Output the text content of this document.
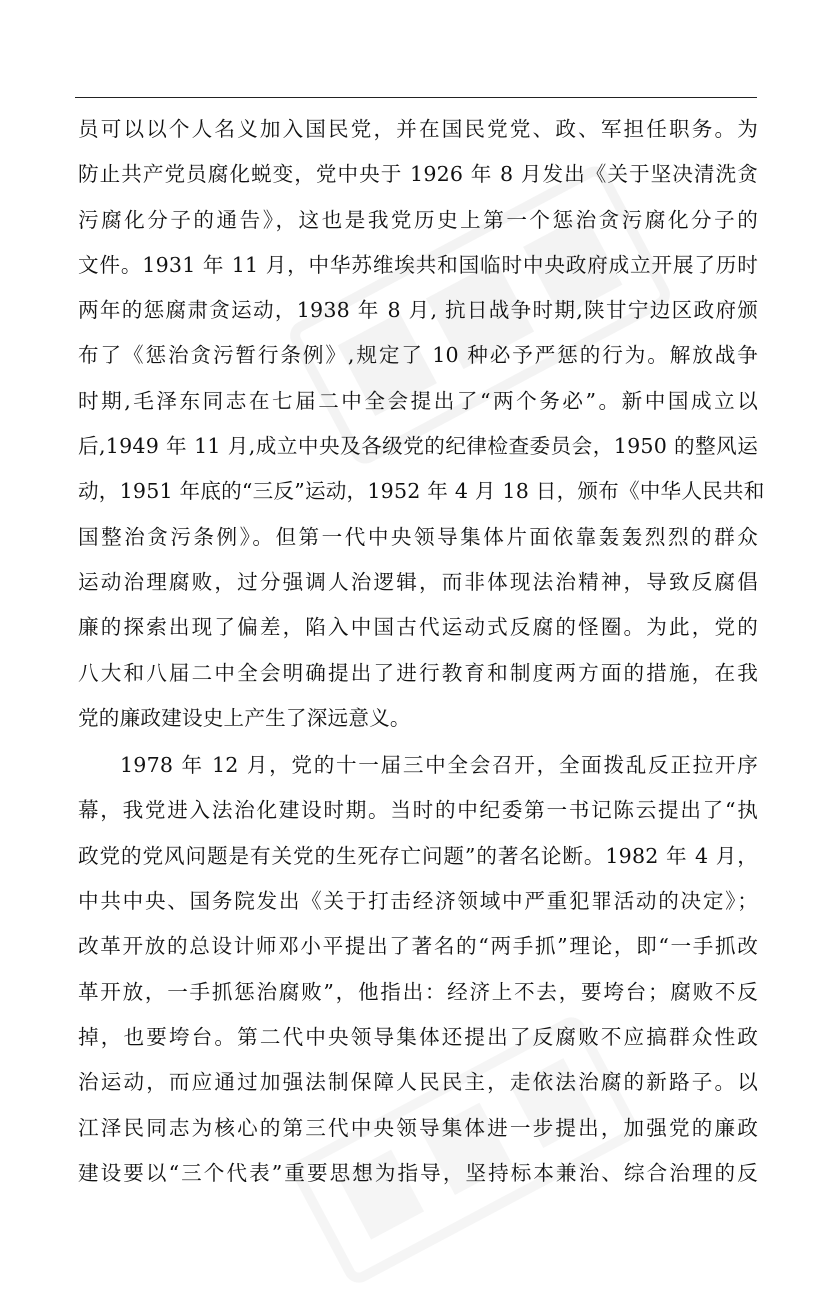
员可以以个人名义加入国民党，并在国民党党、政、军担任职务。为
防止共产党员腐化蜕变，党中央于 1926 年 8 月发出《关于坚决清洗贪
污腐化分子的通告》，这也是我党历史上第一个惩治贪污腐化分子的
文件。1931 年 11 月，中华苏维埃共和国临时中央政府成立开展了历时
两年的惩腐肃贪运动，1938 年 8 月, 抗日战争时期,陕甘宁边区政府颁
布了《惩治贪污暂行条例》,规定了 10 种必予严惩的行为。解放战争
时期,毛泽东同志在七届二中全会提出了“两个务必”。新中国成立以
后,1949 年 11 月,成立中央及各级党的纪律检查委员会，1950 的整风运
动，1951 年底的“三反”运动，1952 年 4 月 18 日，颁布《中华人民共和
国整治贪污条例》。但第一代中央领导集体片面依靠轰轰烈烈的群众
运动治理腐败，过分强调人治逻辑，而非体现法治精神，导致反腐倡
廉的探索出现了偏差，陷入中国古代运动式反腐的怪圈。为此，党的
八大和八届二中全会明确提出了进行教育和制度两方面的措施，在我
党的廉政建设史上产生了深远意义。
1978 年 12 月，党的十一届三中全会召开，全面拨乱反正拉开序
幕，我党进入法治化建设时期。当时的中纪委第一书记陈云提出了“执
政党的党风问题是有关党的生死存亡问题”的著名论断。1982 年 4 月，
中共中央、国务院发出《关于打击经济领域中严重犯罪活动的决定》；
改革开放的总设计师邓小平提出了著名的“两手抓”理论，即“一手抓改
革开放，一手抓惩治腐败”，他指出：经济上不去，要垮台；腐败不反
掉，也要垮台。第二代中央领导集体还提出了反腐败不应搞群众性政
治运动，而应通过加强法制保障人民民主，走依法治腐的新路子。以
江泽民同志为核心的第三代中央领导集体进一步提出，加强党的廉政
建设要以“三个代表”重要思想为指导，坚持标本兼治、综合治理的反
